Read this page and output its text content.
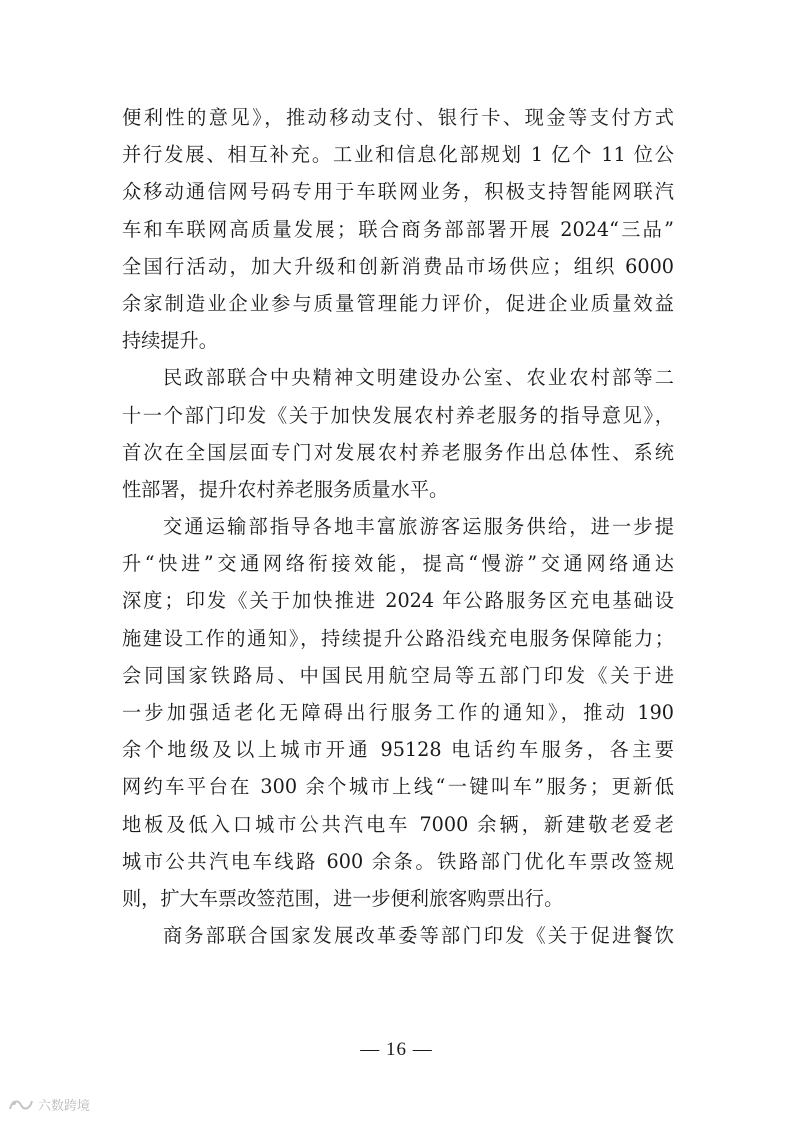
便利性的意见》，推动移动支付、银行卡、现金等支付方式
并行发展、相互补充。工业和信息化部规划 1 亿个 11 位公
众移动通信网号码专用于车联网业务，积极支持智能网联汽
车和车联网高质量发展；联合商务部部署开展 2024“三品”
全国行活动，加大升级和创新消费品市场供应；组织 6000
余家制造业企业参与质量管理能力评价，促进企业质量效益
持续提升。
民政部联合中央精神文明建设办公室、农业农村部等二
十一个部门印发《关于加快发展农村养老服务的指导意见》，
首次在全国层面专门对发展农村养老服务作出总体性、系统
性部署，提升农村养老服务质量水平。
交通运输部指导各地丰富旅游客运服务供给，进一步提
升“快进”交通网络衔接效能，提高“慢游”交通网络通达
深度；印发《关于加快推进 2024 年公路服务区充电基础设
施建设工作的通知》，持续提升公路沿线充电服务保障能力；
会同国家铁路局、中国民用航空局等五部门印发《关于进
一步加强适老化无障碍出行服务工作的通知》，推动 190
余个地级及以上城市开通 95128 电话约车服务，各主要
网约车平台在 300 余个城市上线“一键叫车”服务；更新低
地板及低入口城市公共汽电车 7000 余辆，新建敬老爱老
城市公共汽电车线路 600 余条。铁路部门优化车票改签规
则，扩大车票改签范围，进一步便利旅客购票出行。
商务部联合国家发展改革委等部门印发《关于促进餐饮
— 16 —
六数跨境
